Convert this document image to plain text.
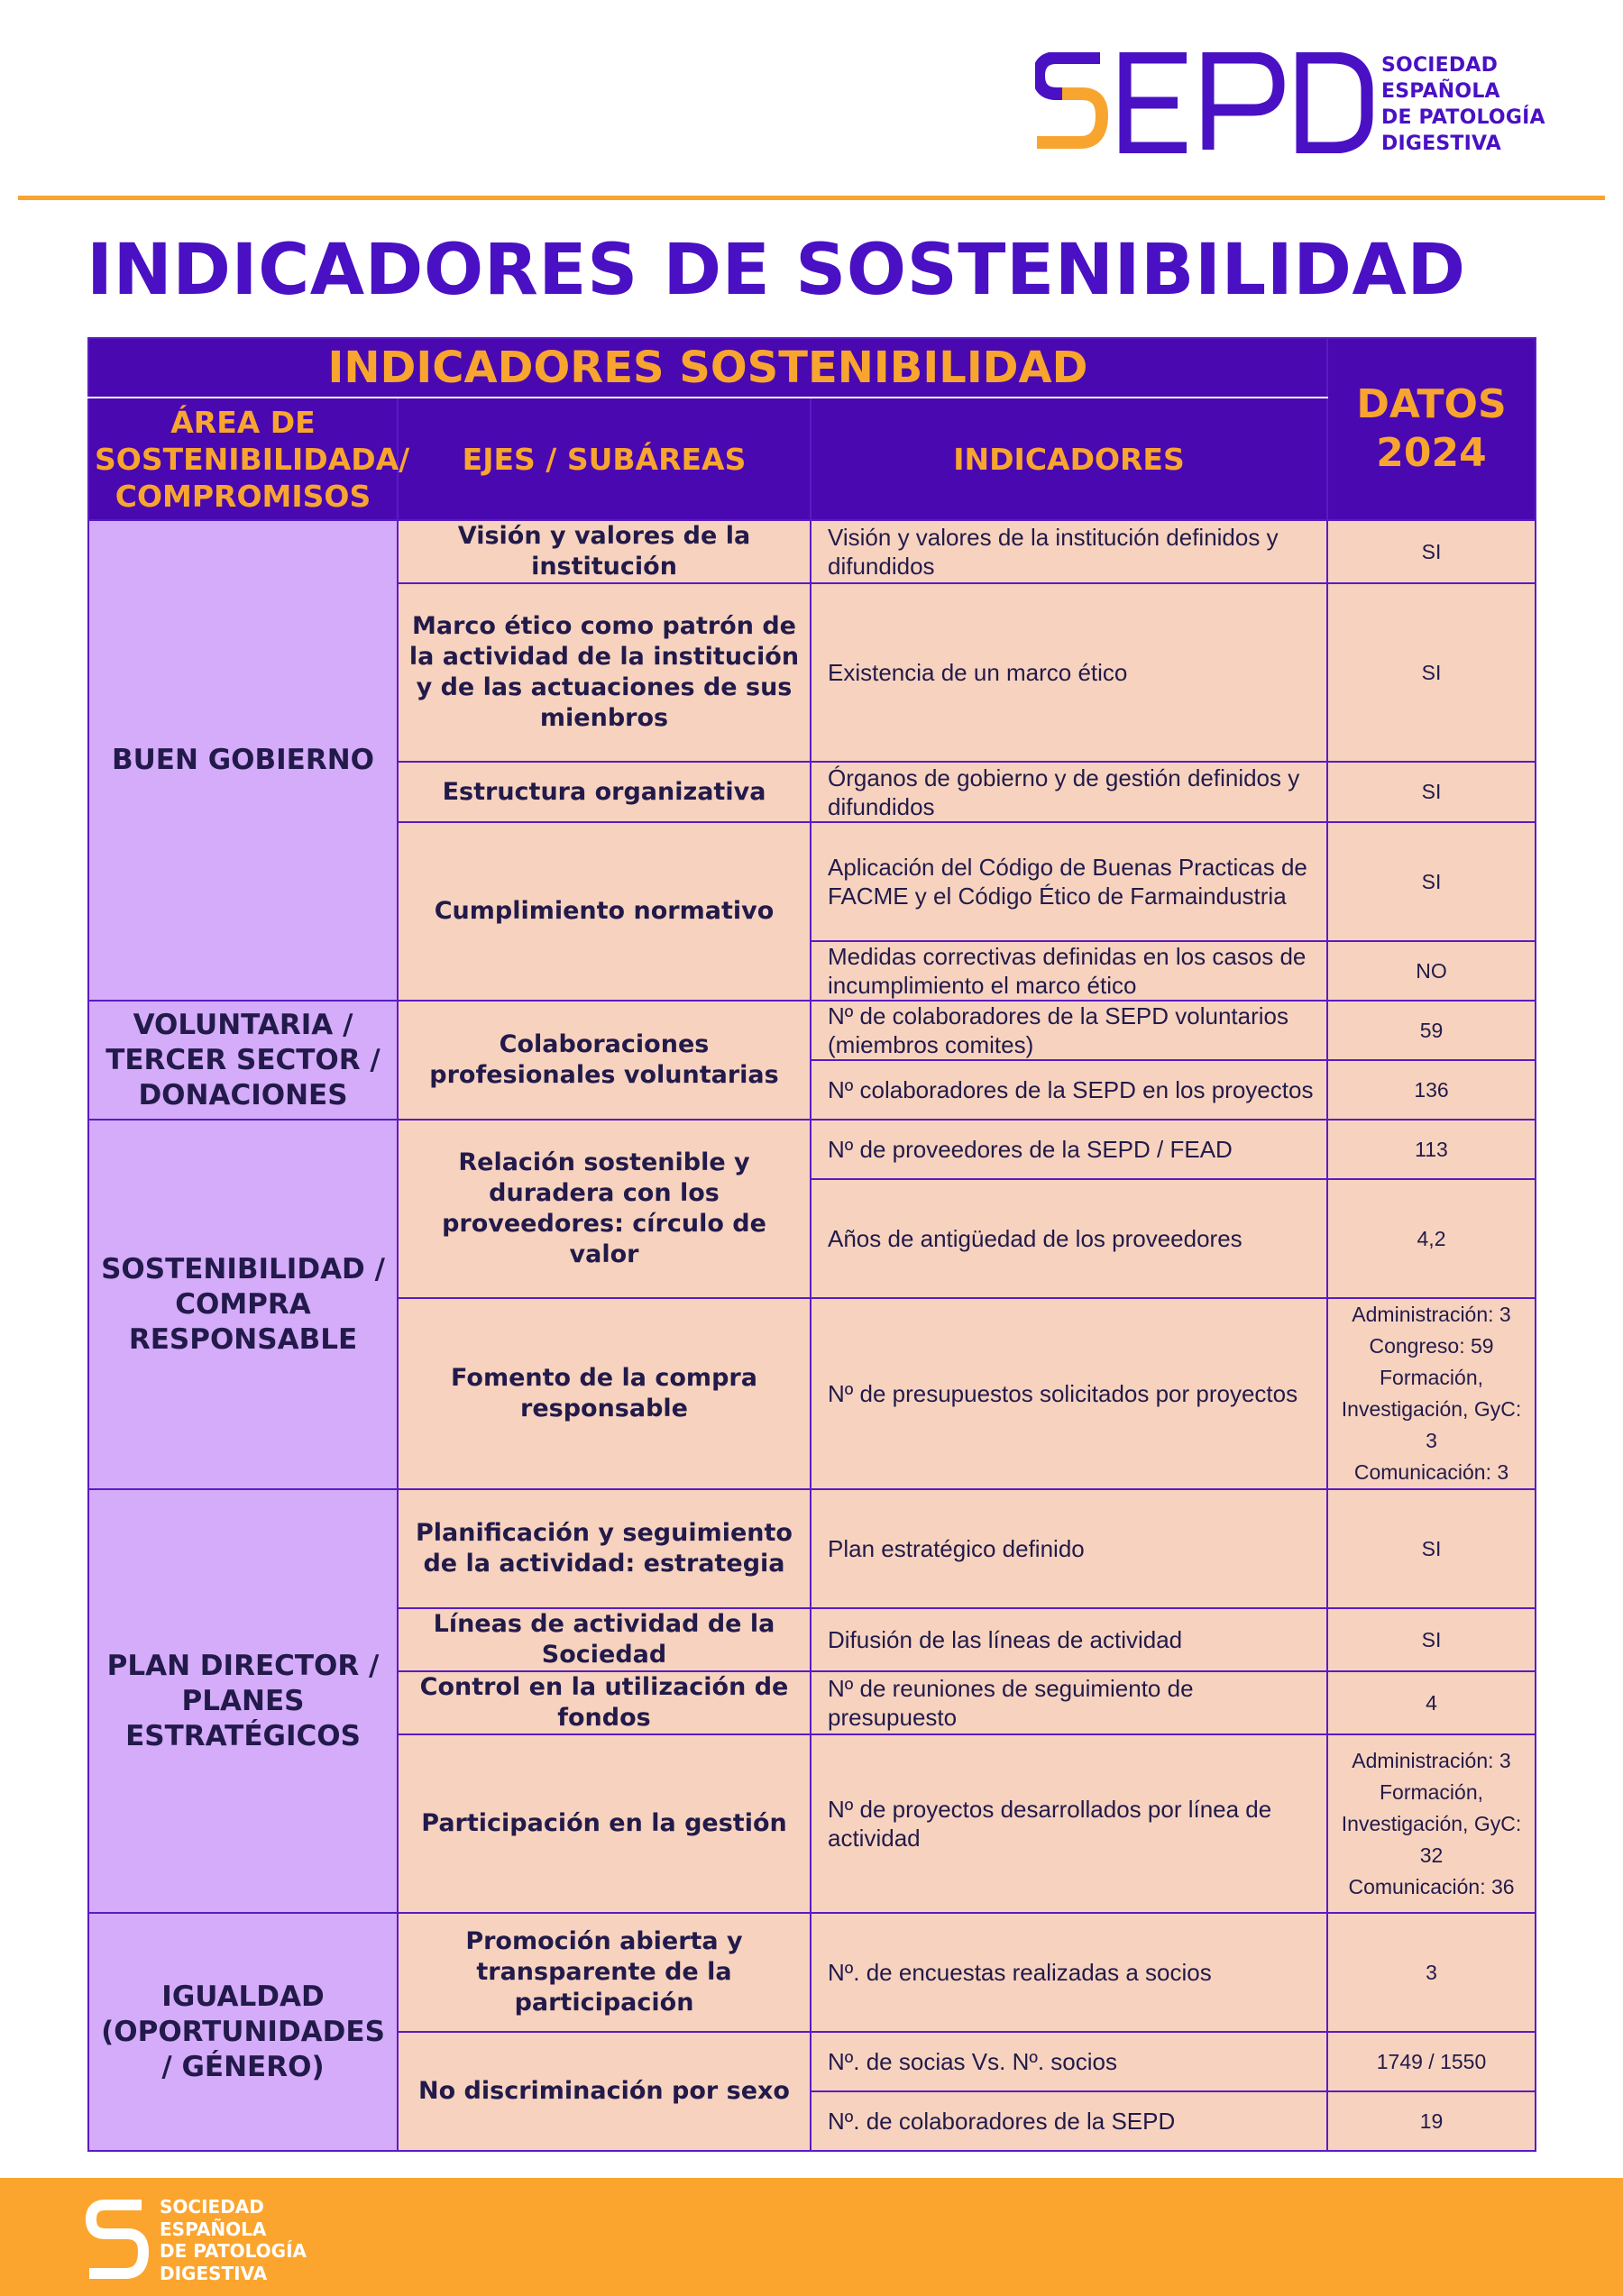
SOCIEDAD
ESPAÑOLA
DE PATOLOGÍA
DIGESTIVA
INDICADORES DE SOSTENIBILIDAD
INDICADORES SOSTENIBILIDAD			DATOS 2024
ÁREA DE SOSTENIBILIDADA/ COMPROMISOS	EJES / SUBÁREAS	INDICADORES	
BUEN GOBIERNO	Visión y valores de la institución	Visión y valores de la institución definidos y difundidos	SI
	Marco ético como patrón de la actividad de la institución y de las actuaciones de sus mienbros	Existencia de un marco ético	SI
	Estructura organizativa	Órganos de gobierno y de gestión definidos y difundidos	SI
	Cumplimiento normativo	Aplicación del Código de Buenas Practicas de FACME y el Código Ético de Farmaindustria	SI
		Medidas correctivas definidas en los casos de incumplimiento el marco ético	NO
VOLUNTARIA / TERCER SECTOR / DONACIONES	Colaboraciones profesionales voluntarias	Nº de colaboradores de la SEPD voluntarios (miembros comites)	59
		Nº colaboradores de la SEPD en los proyectos	136
SOSTENIBILIDAD / COMPRA RESPONSABLE	Relación sostenible y duradera con los proveedores: círculo de valor	Nº de proveedores de la SEPD / FEAD	113
		Años de antigüedad de los proveedores	4,2
	Fomento de la compra responsable	Nº de presupuestos solicitados por proyectos	Administración: 3
Congreso: 59
Formación,
Investigación, GyC: 3
Comunicación: 3

PLAN DIRECTOR / PLANES ESTRATÉGICOS	Planificación y seguimiento de la actividad: estrategia	Plan estratégico definido	SI
	Líneas de actividad de la Sociedad	Difusión de las líneas de actividad	SI
	Control en la utilización de fondos	Nº de reuniones de seguimiento de presupuesto	4
	Participación en la gestión	Nº de proyectos desarrollados por línea de actividad	Administración: 3
Formación,
Investigación, GyC: 32
Comunicación: 36

IGUALDAD (OPORTUNIDADES / GÉNERO)	Promoción abierta y transparente de la participación	Nº. de encuestas realizadas a socios	3
	No discriminación por sexo	Nº. de socias Vs. Nº. socios	1749 / 1550
		Nº. de colaboradores de la SEPD	19
SOCIEDAD
ESPAÑOLA
DE PATOLOGÍA
DIGESTIVA
